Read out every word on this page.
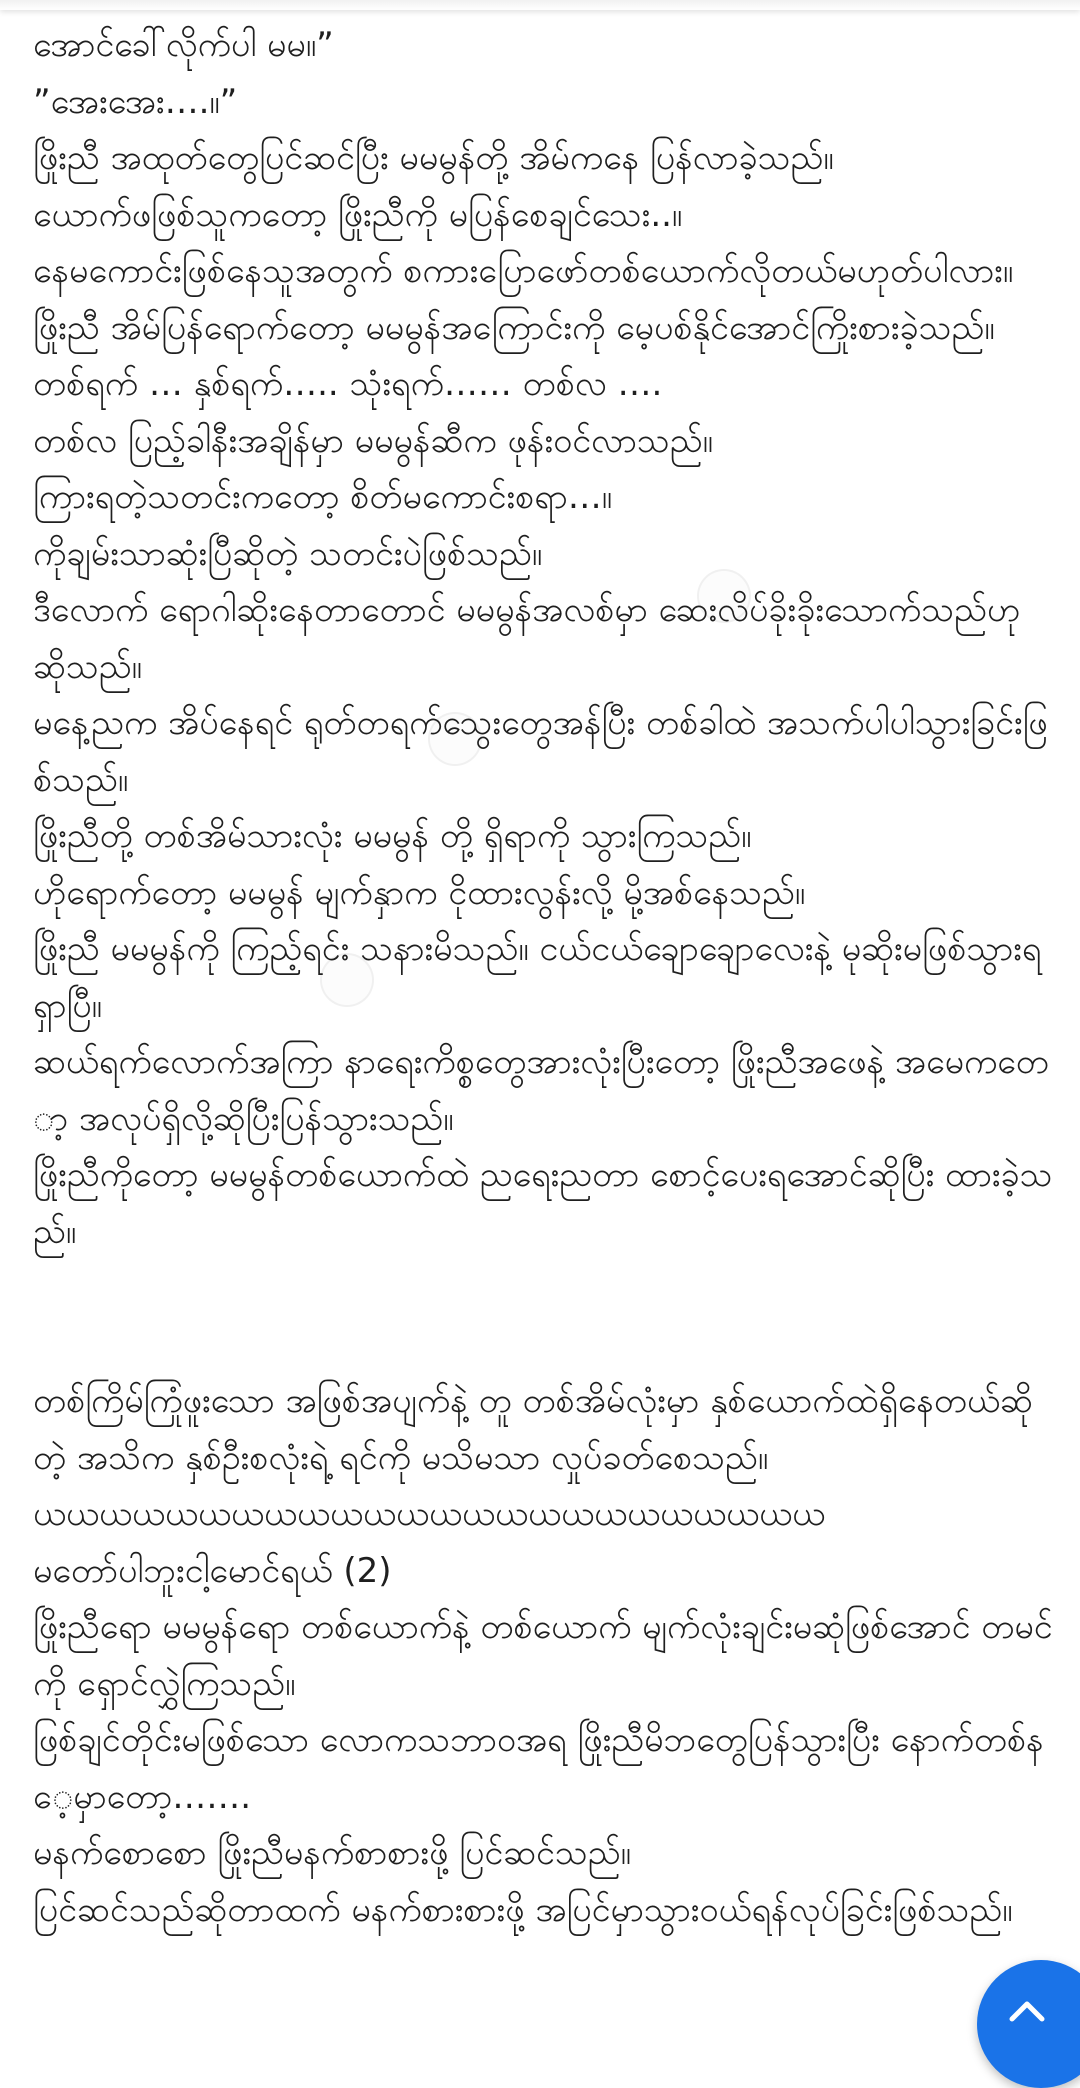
အောင်ခေါ်လိုက်ပါ မမ။”

”အေးအေး….။”

ဖြိုးညီ အထုတ်တွေပြင်ဆင်ပြီး မမမွန်တို့ အိမ်ကနေ ပြန်လာခဲ့သည်။

ယောက်ဖဖြစ်သူကတော့ ဖြိုးညီကို မပြန်စေချင်သေး..။

နေမကောင်းဖြစ်နေသူအတွက် စကားပြောဖော်တစ်ယောက်လိုတယ်မဟုတ်ပါလား။

ဖြိုးညီ အိမ်ပြန်ရောက်တော့ မမမွန်အကြောင်းကို မေ့ပစ်နိုင်အောင်ကြိုးစားခဲ့သည်။

တစ်ရက် … နှစ်ရက်….. သုံးရက်…… တစ်လ ….

တစ်လ ပြည့်ခါနီးအချိန်မှာ မမမွန်ဆီက ဖုန်းဝင်လာသည်။

ကြားရတဲ့သတင်းကတော့ စိတ်မကောင်းစရာ…။

ကိုချမ်းသာဆုံးပြီဆိုတဲ့ သတင်းပဲဖြစ်သည်။

ဒီလောက် ရောဂါဆိုးနေတာတောင် မမမွန်အလစ်မှာ ဆေးလိပ်ခိုးခိုးသောက်သည်ဟုဆိုသည်။

မနေ့ညက အိပ်နေရင် ရုတ်တရက်သွေးတွေအန်ပြီး တစ်ခါထဲ အသက်ပါပါသွားခြင်းဖြစ်သည်။

ဖြိုးညီတို့ တစ်အိမ်သားလုံး မမမွန် တို့ ရှိရာကို သွားကြသည်။

ဟိုရောက်တော့ မမမွန် မျက်နှာက ငိုထားလွန်းလို့ မို့အစ်နေသည်။

ဖြိုးညီ မမမွန်ကို ကြည့်ရင်း သနားမိသည်။ ငယ်ငယ်ချောချောလေးနဲ့ မုဆိုးမဖြစ်သွားရရှာပြီ။

ဆယ်ရက်လောက်အကြာ နာရေးကိစ္စတွေအားလုံးပြီးတော့ ဖြိုးညီအဖေနဲ့ အမေကတော့ အလုပ်ရှိလို့ဆိုပြီးပြန်သွားသည်။

ဖြိုးညီကိုတော့ မမမွန်တစ်ယောက်ထဲ ညရေးညတာ စောင့်ပေးရအောင်ဆိုပြီး ထားခဲ့သည်။

တစ်ကြိမ်ကြုံဖူးသော အဖြစ်အပျက်နဲ့ တူ တစ်အိမ်လုံးမှာ နှစ်ယောက်ထဲရှိနေတယ်ဆိုတဲ့ အသိက နှစ်ဦးစလုံးရဲ့ ရင်ကို မသိမသာ လှုပ်ခတ်စေသည်။

ယယယယယယယယယယယယယယယယယယယယယယယယ

မတော်ပါဘူးငါ့မောင်ရယ် (2)

ဖြိုးညီရော မမမွန်ရော တစ်ယောက်နဲ့ တစ်ယောက် မျက်လုံးချင်းမဆုံဖြစ်အောင် တမင်ကို ရှောင်လွှဲကြသည်။

ဖြစ်ချင်တိုင်းမဖြစ်သော လောကသဘာဝအရ ဖြိုးညီမိဘတွေပြန်သွားပြီး နောက်တစ်နေ့မှာတော့…….

မနက်စောစော ဖြိုးညီမနက်စာစားဖို့ ပြင်ဆင်သည်။

ပြင်ဆင်သည်ဆိုတာထက် မနက်စားစားဖို့ အပြင်မှာသွားဝယ်ရန်လုပ်ခြင်းဖြစ်သည်။
